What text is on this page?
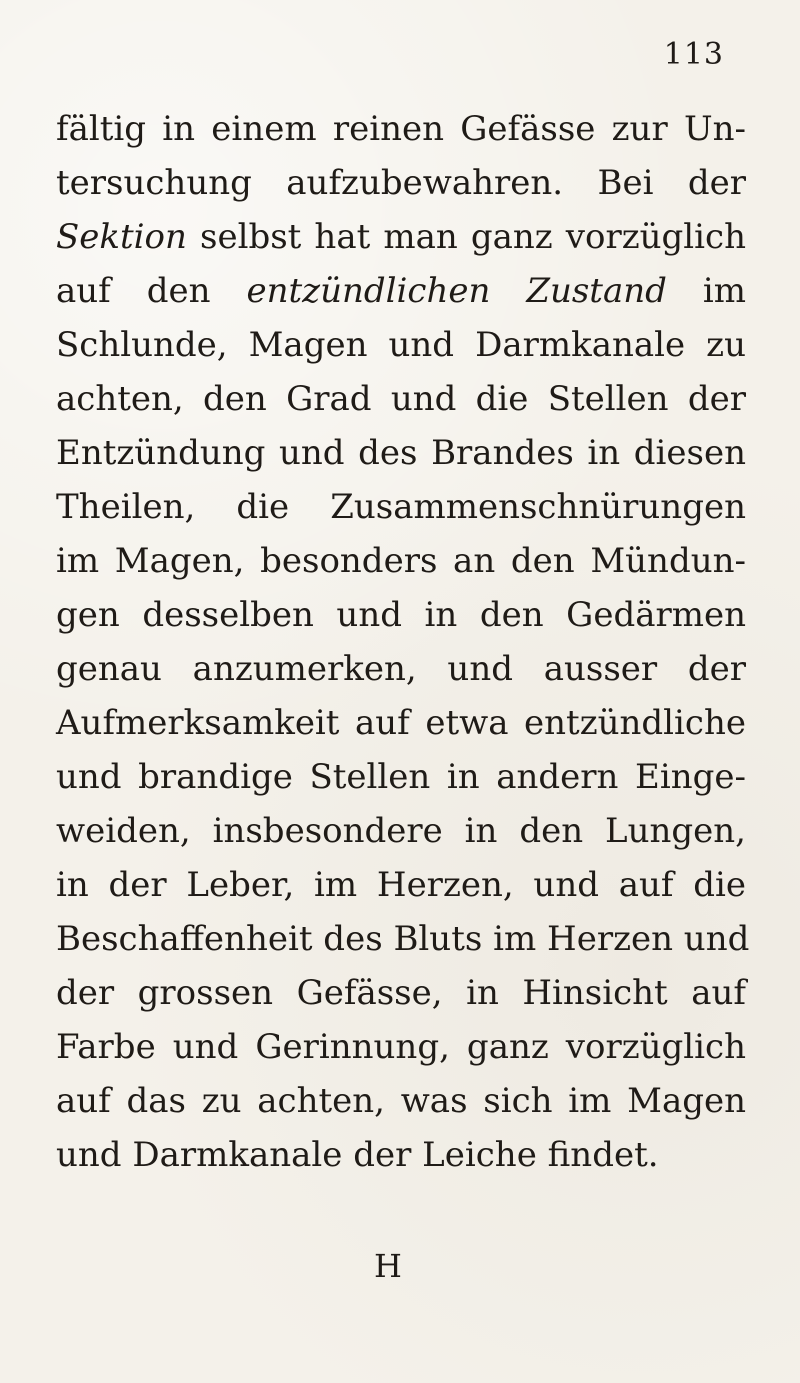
113
fältig in einem reinen Gefässe zur Un-
tersuchung aufzubewahren. Bei der
Sektion selbst hat man ganz vorzüglich
auf den entzündlichen Zustand im
Schlunde, Magen und Darmkanale zu
achten, den Grad und die Stellen der
Entzündung und des Brandes in diesen
Theilen, die Zusammenschnürungen
im Magen, besonders an den Mündun-
gen desselben und in den Gedärmen
genau anzumerken, und ausser der
Aufmerksamkeit auf etwa entzündliche
und brandige Stellen in andern Einge-
weiden, insbesondere in den Lungen,
in der Leber, im Herzen, und auf die
Beschaffenheit des Bluts im Herzen und
der grossen Gefässe, in Hinsicht auf
Farbe und Gerinnung, ganz vorzüglich
auf das zu achten, was sich im Magen
und Darmkanale der Leiche findet.
H
